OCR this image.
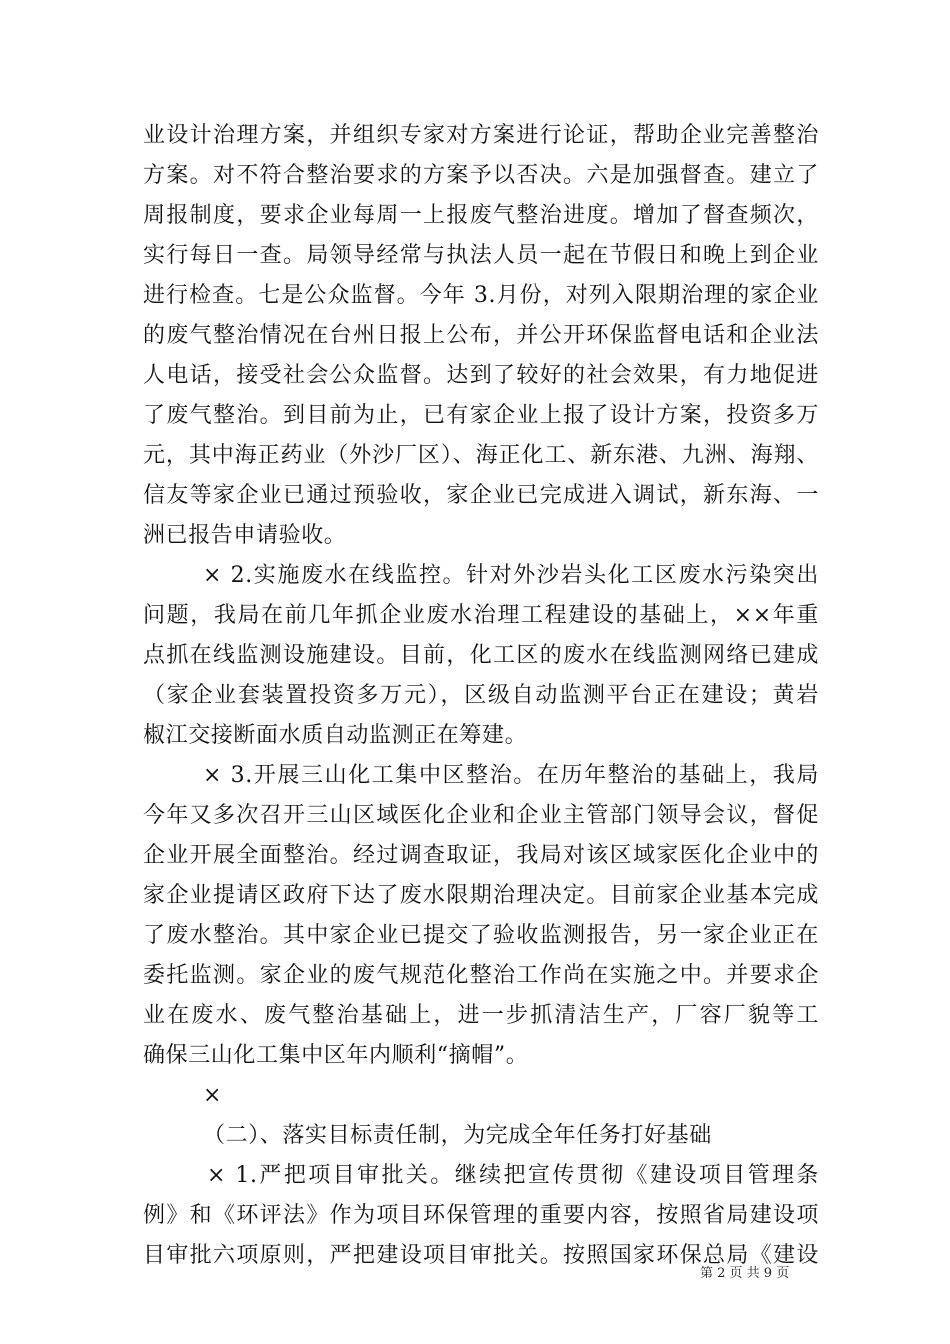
业设计治理方案，并组织专家对方案进行论证，帮助企业完善整治
方案。对不符合整治要求的方案予以否决。六是加强督查。建立了
周报制度，要求企业每周一上报废气整治进度。增加了督查频次，
实行每日一查。局领导经常与执法人员一起在节假日和晚上到企业
进行检查。七是公众监督。今年 3.月份，对列入限期治理的家企业
的废气整治情况在台州日报上公布，并公开环保监督电话和企业法
人电话，接受社会公众监督。达到了较好的社会效果，有力地促进
了废气整治。到目前为止，已有家企业上报了设计方案，投资多万
元，其中海正药业（外沙厂区）、海正化工、新东港、九洲、海翔、
信友等家企业已通过预验收，家企业已完成进入调试，新东海、一
洲已报告申请验收。
× 2.实施废水在线监控。针对外沙岩头化工区废水污染突出
问题，我局在前几年抓企业废水治理工程建设的基础上，××年重
点抓在线监测设施建设。目前，化工区的废水在线监测网络已建成
（家企业套装置投资多万元），区级自动监测平台正在建设；黄岩
椒江交接断面水质自动监测正在筹建。
× 3.开展三山化工集中区整治。在历年整治的基础上，我局
今年又多次召开三山区域医化企业和企业主管部门领导会议，督促
企业开展全面整治。经过调查取证，我局对该区域家医化企业中的
家企业提请区政府下达了废水限期治理决定。目前家企业基本完成
了废水整治。其中家企业已提交了验收监测报告，另一家企业正在
委托监测。家企业的废气规范化整治工作尚在实施之中。并要求企
业在废水、废气整治基础上，进一步抓清洁生产，厂容厂貌等工
确保三山化工集中区年内顺利“摘帽”。
×
（二）、落实目标责任制，为完成全年任务打好基础
× 1.严把项目审批关。继续把宣传贯彻《建设项目管理条
例》和《环评法》作为项目环保管理的重要内容，按照省局建设项
目审批六项原则，严把建设项目审批关。按照国家环保总局《建设
第 2 页 共 9 页
